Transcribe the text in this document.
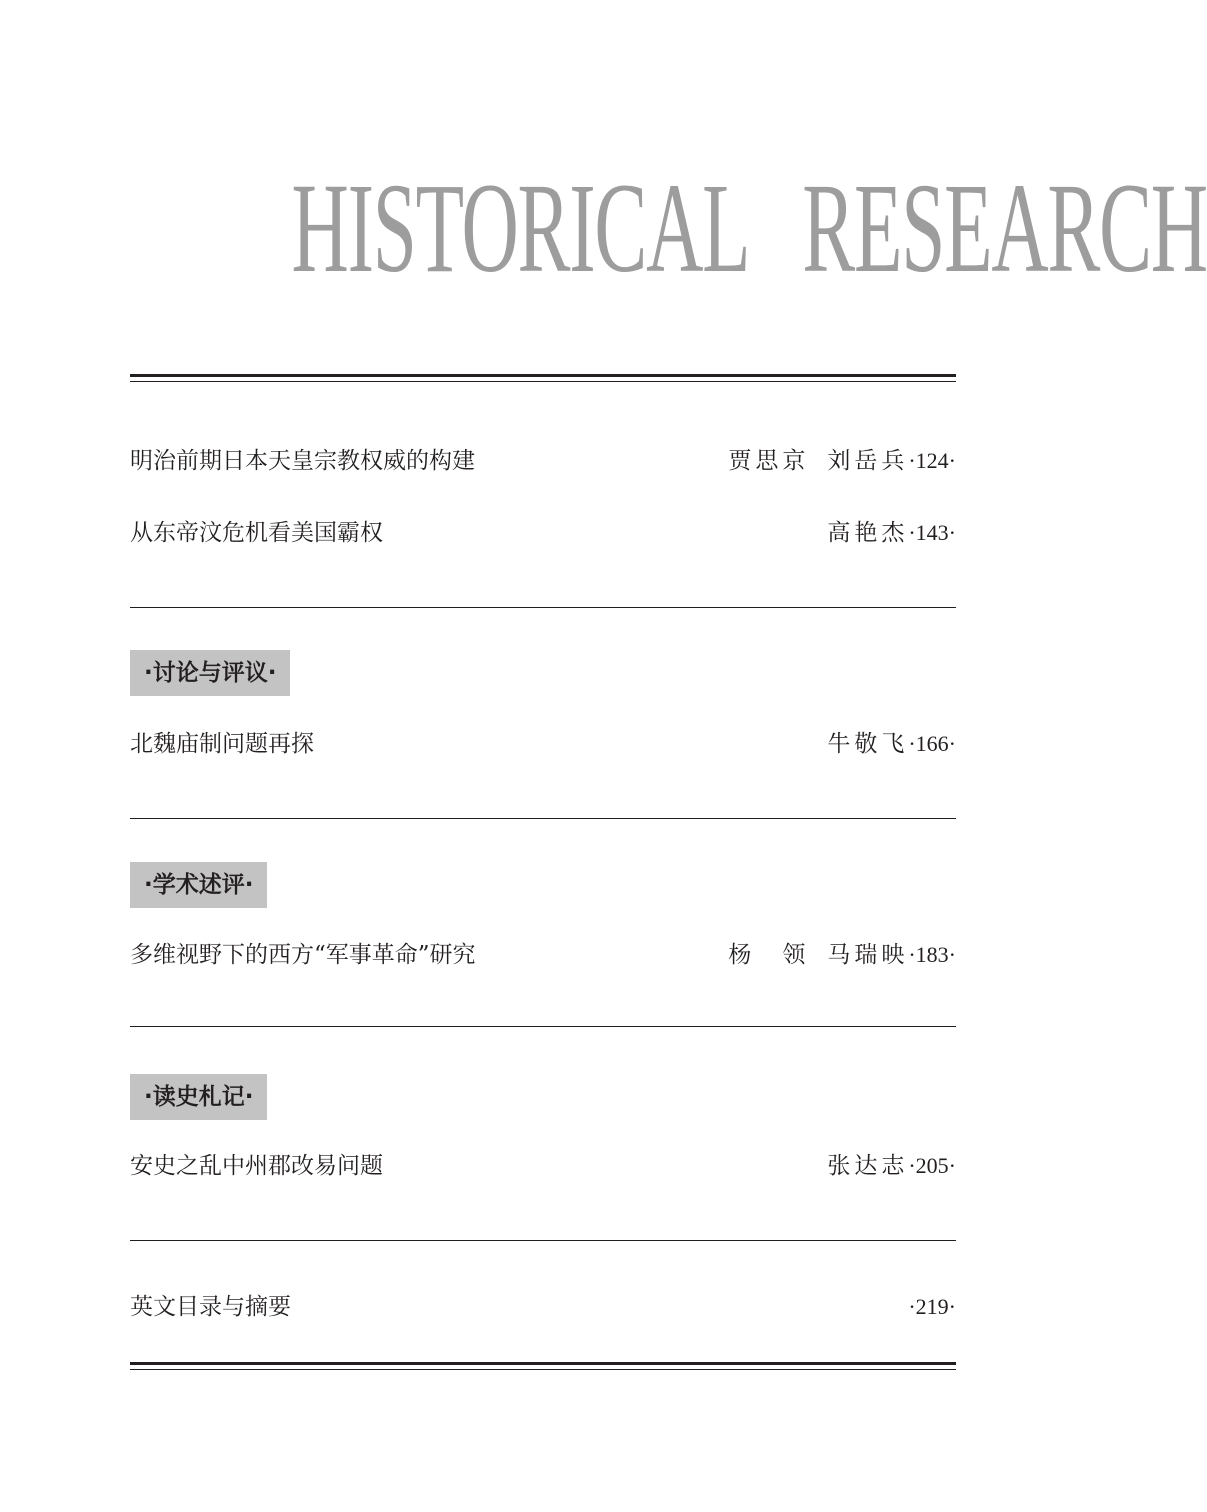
HISTORICAL   RESEARCH
明治前期日本天皇宗教权威的构建	贾思京 刘岳兵·124·
从东帝汶危机看美国霸权	高艳杰·143·
·讨论与评议·
北魏庙制问题再探	牛敬飞·166·
·学术述评·
多维视野下的西方“军事革命”研究	杨　领 马瑞映·183·
·读史札记·
安史之乱中州郡改易问题	张达志·205·
英文目录与摘要	·219·
